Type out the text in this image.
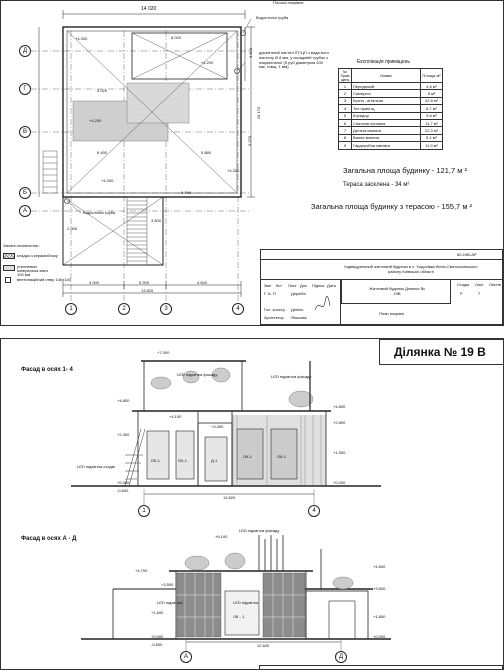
14 020
Плоска покрівля
Водостічна труба
Водостічна труба
дерев'яний настил ЛТ/ЦП з вода-ного настилу Ø 8 мм, у складовій трубок з покрівельної (5 руб діаметром 200 мм, товщ. 1 мм)
+4.330
+4.200
+4.200
+4.200
+4.200
19 170
9 270
3 600
8 020
4 020
5 880
6 490
9 740
3 600
2 000
4 000	5 200	4 640
13 820
Д
Г
В
Б
А
1	2	3	4
Експлікація приміщень
№ Прим щень	Назва	Площа м²
1	Передпокій	4,6 м²
2	Санвузол	5 м²
3	Кухня - вітальня	42,8 м²
4	Тех прим щ.	6,7 м²
5	Коридор	9,6 м²
6	Спальня основна	11,7 м²
7	Дитяча кімната	22,3 м²
8	Ванна кімната	5,1 м²
9	Гардеробна кімната	11,9 м²
Загальна площа будинку - 121,7 м ²
Тераса засклена - 34 м²
Загальна площа будинку з терасою - 155,7 м ²
Умовні позначення :
кладка з керамоблоку
утеплювач мінеральна вата 100 мм
вентиляційний отвір 140х140
60-19В-АР
Індивідуальний житловий будинок в с. Ходосівка біляо-Святошинського району Київської області
Житловий будинок Ділянка № 19В
План покрівлі
Змн Кіл Лист Док Підпис Дата
Г. А. П	Дерибін
Гол. констр. Деніль
Архітектор Янькова
Стадія Лист Листів
Р	7
Ділянка № 19 В
Фасад в осях 1- 4
Фасад в осях А - Д
ОК-1	ОК-1	Д-1
ОК-1	ОК-1
ОК - 1
+7.000
+4.800
+4.100
+3.400
+2.400
+0.000
-0.600
+4.800
+2.800
+1.900
+0.000
+6.100
+4.700
+3.500
+1.600
+0.000
-0.600
+4.600
+3.600
+1.800
+0.000
LED підсвітка фасаду	LED підсвітка фасаду
LED підсвітка сходів
LED підсвітка фасаду
LED підсвітка	LED підсвітка
13 820
12 600
1	4
А	Д
